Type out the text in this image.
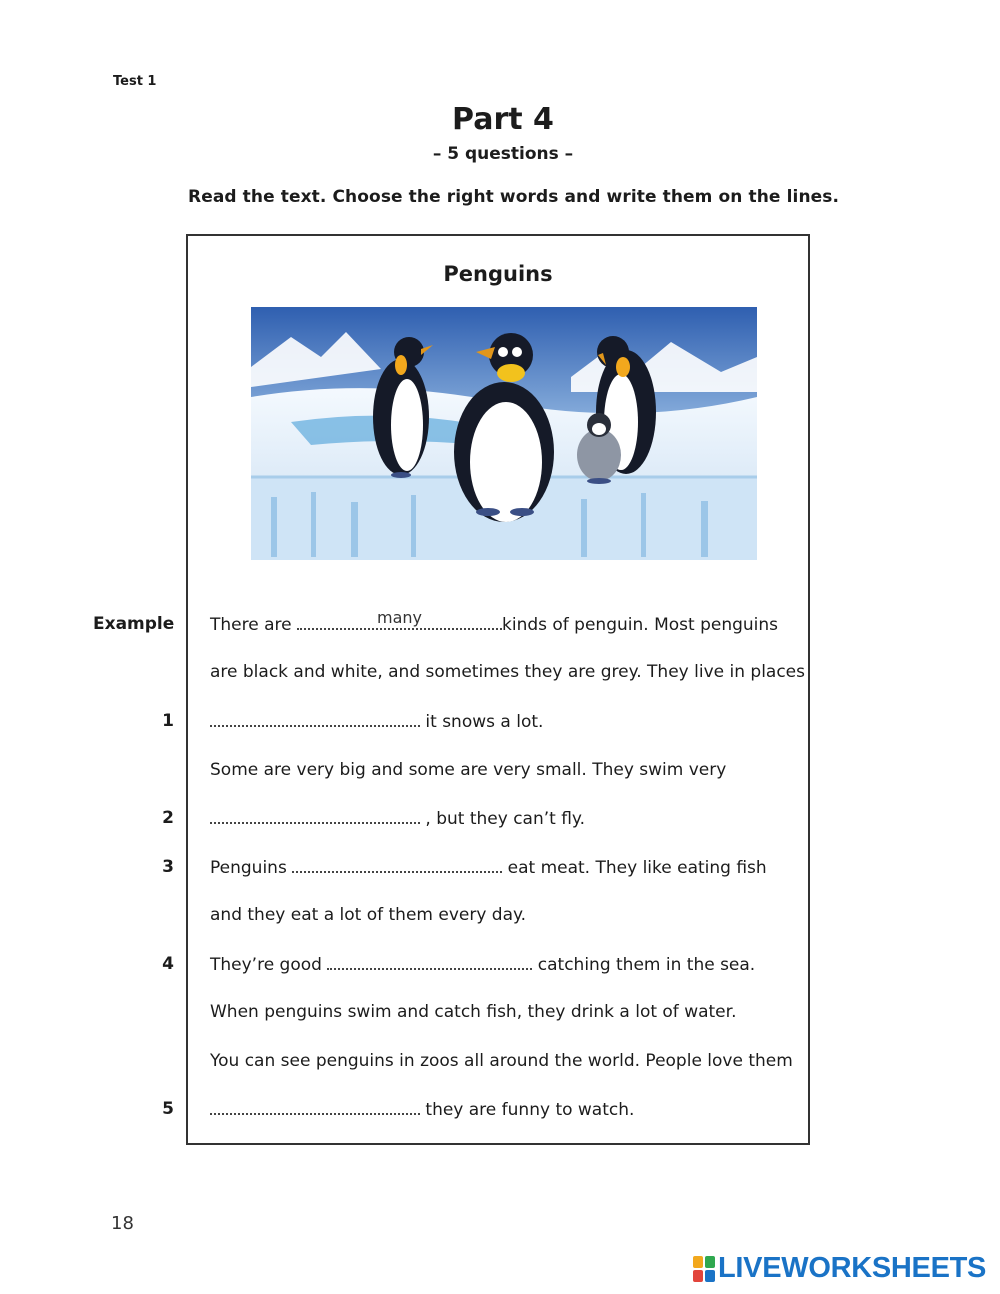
Test 1
Part 4
– 5 questions –
Read the text. Choose the right words and write them on the lines.
Penguins
Example There are	many	kinds of penguin. Most penguins
are black and white, and sometimes they are grey. They live in places
1	it snows a lot.
Some are very big and some are very small. They swim very
2	, but they can’t fly.
3 Penguins	eat meat. They like eating fish
and they eat a lot of them every day.
4 They’re good	catching them in the sea.
When penguins swim and catch fish, they drink a lot of water.
You can see penguins in zoos all around the world. People love them
5	they are funny to watch.
18
LIVEWORKSHEETS
